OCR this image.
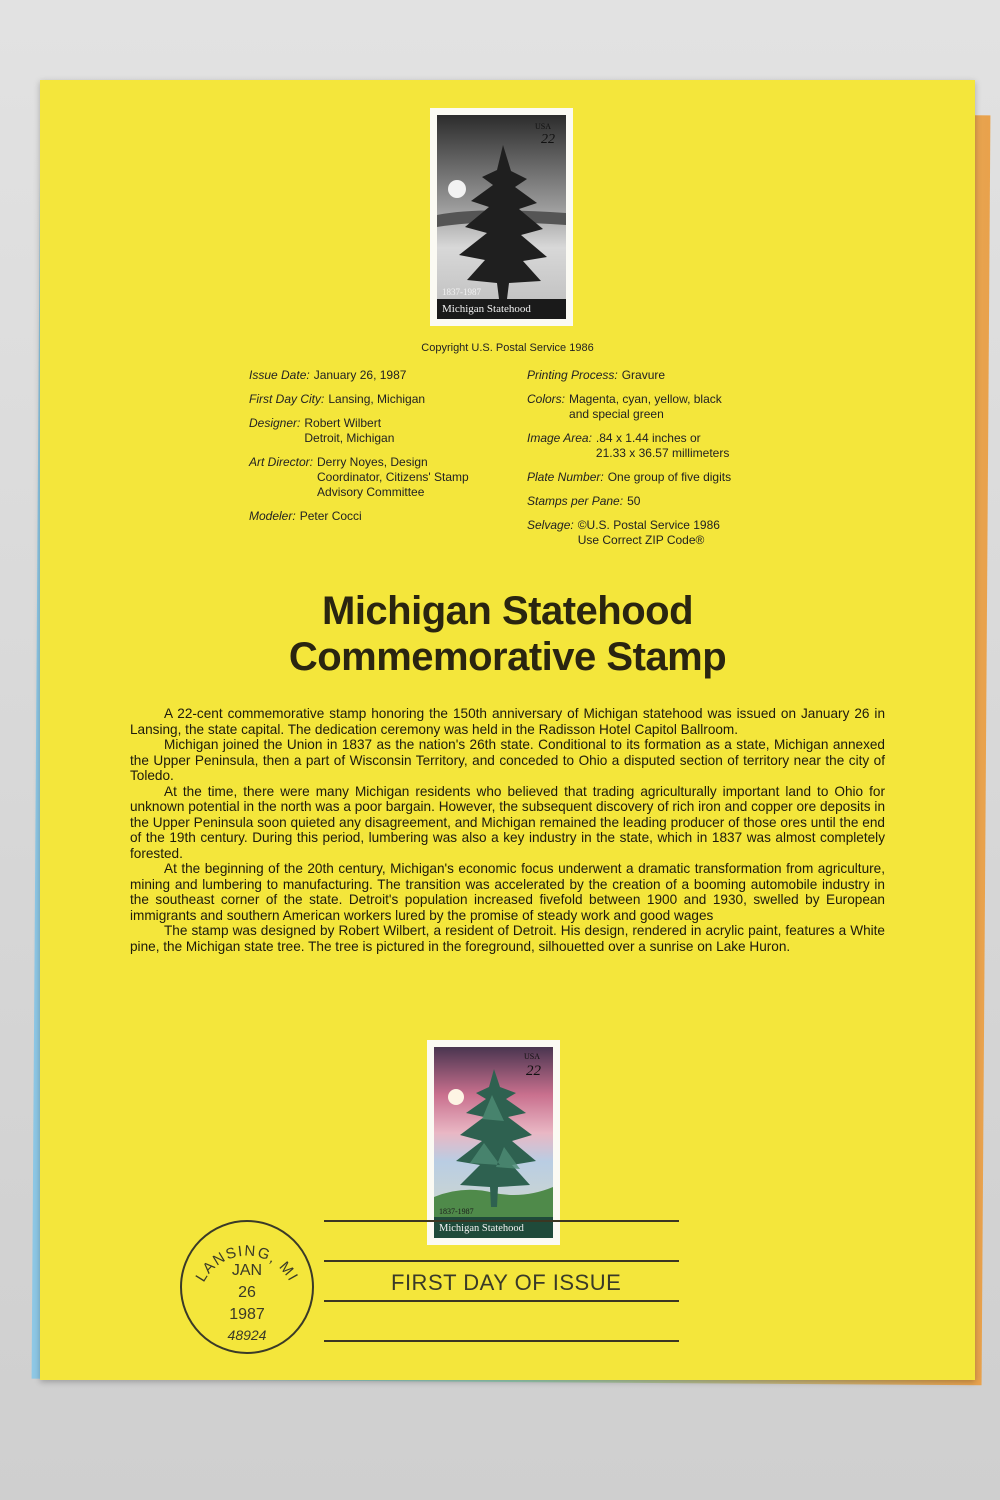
1837-1987
Michigan Statehood
USA
22
Copyright U.S. Postal Service 1986
Issue Date: January 26, 1987
First Day City: Lansing, Michigan
Designer: Robert Wilbert
Detroit, Michigan
Art Director: Derry Noyes, Design
Coordinator, Citizens' Stamp
Advisory Committee
Modeler: Peter Cocci
Printing Process: Gravure
Colors: Magenta, cyan, yellow, black
and special green
Image Area: .84 x 1.44 inches or
21.33 x 36.57 millimeters
Plate Number: One group of five digits
Stamps per Pane: 50
Selvage: ©U.S. Postal Service 1986
Use Correct ZIP Code®
Michigan Statehood
Commemorative Stamp

A 22-cent commemorative stamp honoring the 150th anniversary of Michigan statehood was issued on January 26 in Lansing, the state capital. The dedication ceremony was held in the Radisson Hotel Capitol Ballroom.

Michigan joined the Union in 1837 as the nation's 26th state. Conditional to its formation as a state, Michigan annexed the Upper Peninsula, then a part of Wisconsin Territory, and conceded to Ohio a disputed section of territory near the city of Toledo.

At the time, there were many Michigan residents who believed that trading agriculturally important land to Ohio for unknown potential in the north was a poor bargain. However, the subsequent discovery of rich iron and copper ore deposits in the Upper Peninsula soon quieted any disagreement, and Michigan remained the leading producer of those ores until the end of the 19th century. During this period, lumbering was also a key industry in the state, which in 1837 was almost completely forested.

At the beginning of the 20th century, Michigan's economic focus underwent a dramatic transformation from agriculture, mining and lumbering to manufacturing. The transition was accelerated by the creation of a booming automobile industry in the southeast corner of the state. Detroit's population increased fivefold between 1900 and 1930, swelled by European immigrants and southern American workers lured by the promise of steady work and good wages

The stamp was designed by Robert Wilbert, a resident of Detroit. His design, rendered in acrylic paint, features a White pine, the Michigan state tree. The tree is pictured in the foreground, silhouetted over a sunrise on Lake Huron.

1837-1987
Michigan Statehood
USA
22
LANSING, MI
JAN
26
1987
48924
FIRST DAY OF ISSUE
